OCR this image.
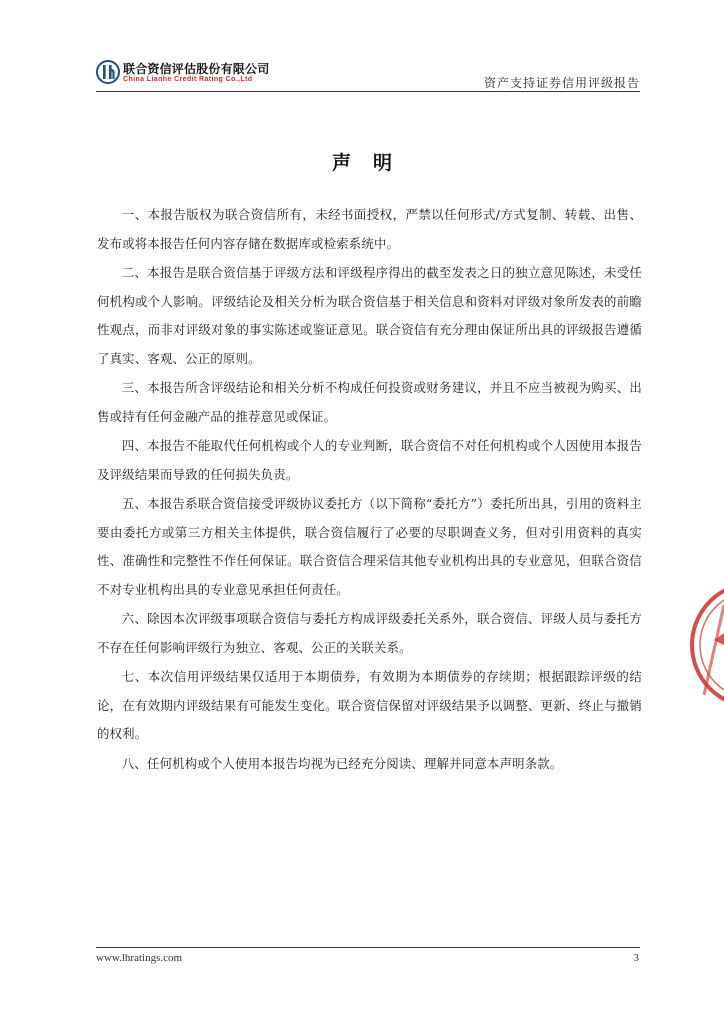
联合资信评估股份有限公司
China Lianhe Credit Rating Co.,Ltd	资产支持证券信用评级报告
声明

一、本报告版权为联合资信所有，未经书面授权，严禁以任何形式/方式复制、转载、出售、发布或将本报告任何内容存储在数据库或检索系统中。

二、本报告是联合资信基于评级方法和评级程序得出的截至发表之日的独立意见陈述，未受任何机构或个人影响。评级结论及相关分析为联合资信基于相关信息和资料对评级对象所发表的前瞻性观点，而非对评级对象的事实陈述或鉴证意见。联合资信有充分理由保证所出具的评级报告遵循了真实、客观、公正的原则。

三、本报告所含评级结论和相关分析不构成任何投资或财务建议，并且不应当被视为购买、出售或持有任何金融产品的推荐意见或保证。

四、本报告不能取代任何机构或个人的专业判断，联合资信不对任何机构或个人因使用本报告及评级结果而导致的任何损失负责。

五、本报告系联合资信接受评级协议委托方（以下简称“委托方”）委托所出具，引用的资料主要由委托方或第三方相关主体提供，联合资信履行了必要的尽职调查义务，但对引用资料的真实性、准确性和完整性不作任何保证。联合资信合理采信其他专业机构出具的专业意见，但联合资信不对专业机构出具的专业意见承担任何责任。

六、除因本次评级事项联合资信与委托方构成评级委托关系外，联合资信、评级人员与委托方不存在任何影响评级行为独立、客观、公正的关联关系。

七、本次信用评级结果仅适用于本期债券，有效期为本期债券的存续期；根据跟踪评级的结论，在有效期内评级结果有可能发生变化。联合资信保留对评级结果予以调整、更新、终止与撤销的权利。

八、任何机构或个人使用本报告均视为已经充分阅读、理解并同意本声明条款。

www.lhratings.com	3
